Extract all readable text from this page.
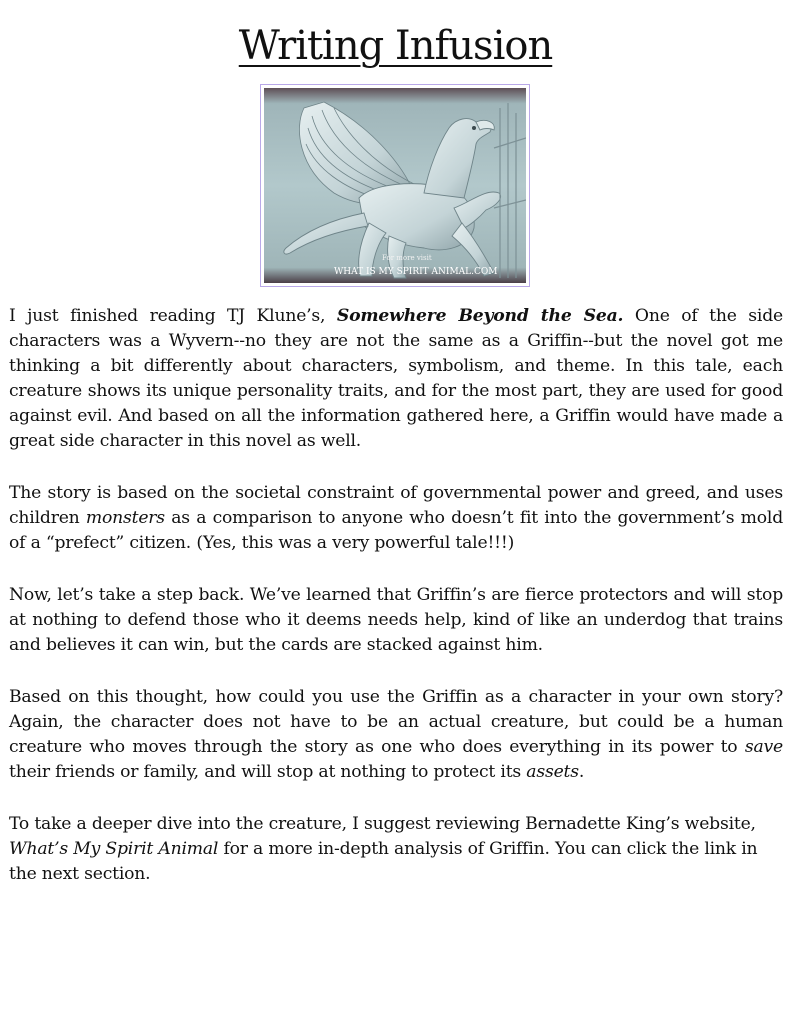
Writing Infusion
For more visit
WHAT IS MY SPIRIT ANIMAL.COM

I just finished reading TJ Klune’s, Somewhere Beyond the Sea. One of the side characters was a Wyvern--no they are not the same as a Griffin--but the novel got me thinking a bit differently about characters, symbolism, and theme. In this tale, each creature shows its unique personality traits, and for the most part, they are used for good against evil. And based on all the information gathered here, a Griffin would have made a great side character in this novel as well.

The story is based on the societal constraint of governmental power and greed, and uses children monsters as a comparison to anyone who doesn’t fit into the government’s mold of a “prefect” citizen. (Yes, this was a very powerful tale!!!)

Now, let’s take a step back. We’ve learned that Griffin’s are fierce protectors and will stop at nothing to defend those who it deems needs help, kind of like an underdog that trains and believes it can win, but the cards are stacked against him.

Based on this thought, how could you use the Griffin as a character in your own story? Again, the character does not have to be an actual creature, but could be a human creature who moves through the story as one who does everything in its power to save their friends or family, and will stop at nothing to protect its assets.

To take a deeper dive into the creature, I suggest reviewing Bernadette King’s website, What’s My Spirit Animal for a more in-depth analysis of Griffin. You can click the link in the next section.
